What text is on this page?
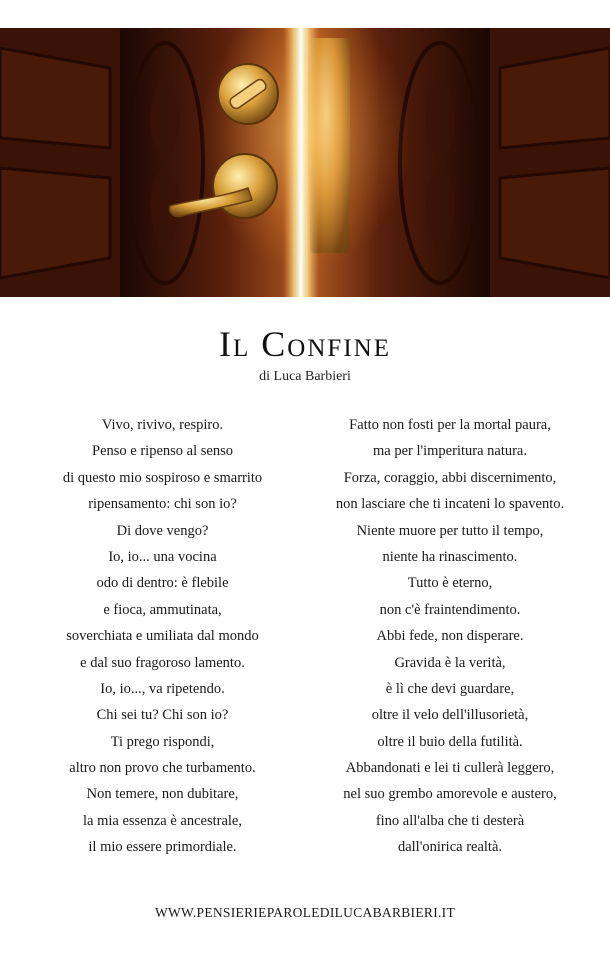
Il Confine
di Luca Barbieri
Vivo, rivivo, respiro.
Penso e ripenso al senso
di questo mio sospiroso e smarrito
ripensamento: chi son io?
Di dove vengo?
Io, io... una vocina
odo di dentro: è flebile
e fioca, ammutinata,
soverchiata e umiliata dal mondo
e dal suo fragoroso lamento.
Io, io..., va ripetendo.
Chi sei tu? Chi son io?
Ti prego rispondi,
altro non provo che turbamento.
Non temere, non dubitare,
la mia essenza è ancestrale,
il mio essere primordiale.
Fatto non fosti per la mortal paura,
ma per l'imperitura natura.
Forza, coraggio, abbi discernimento,
non lasciare che ti incateni lo spavento.
Niente muore per tutto il tempo,
niente ha rinascimento.
Tutto è eterno,
non c'è fraintendimento.
Abbi fede, non disperare.
Gravida è la verità,
è lì che devi guardare,
oltre il velo dell'illusorietà,
oltre il buio della futilità.
Abbandonati e lei ti cullerà leggero,
nel suo grembo amorevole e austero,
fino all'alba che ti desterà
dall'onirica realtà.
WWW.PENSIERIEPAROLEDILUCABARBIERI.IT
